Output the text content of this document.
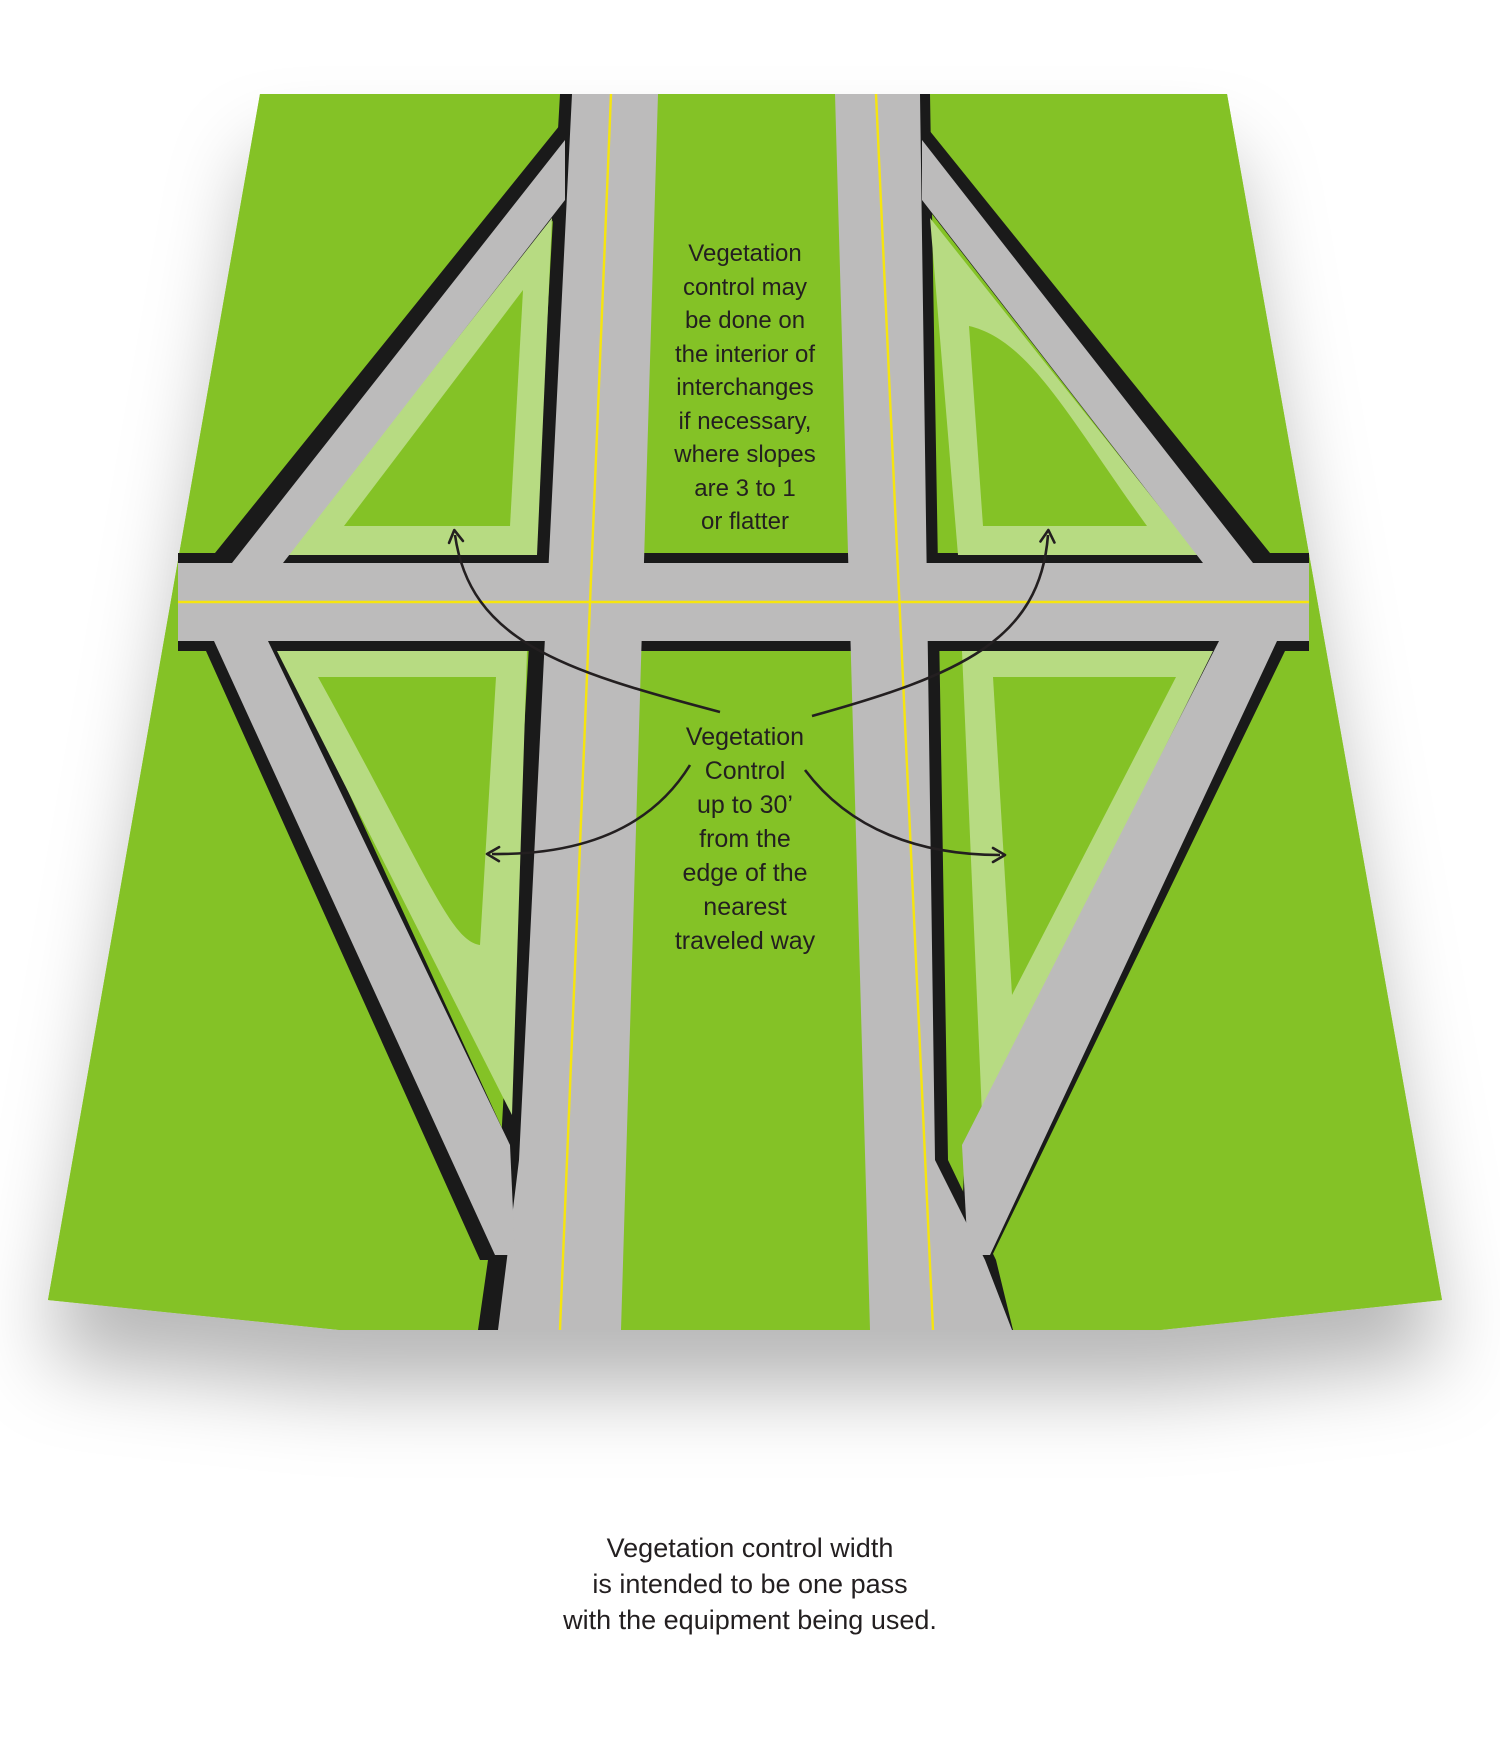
Vegetation
control may
be done on
the interior of
interchanges
if necessary,
where slopes
are 3 to 1
or flatter
Vegetation
Control
up to 30’
from the
edge of the
nearest
traveled way
Vegetation control width
is intended to be one pass
with the equipment being used.
